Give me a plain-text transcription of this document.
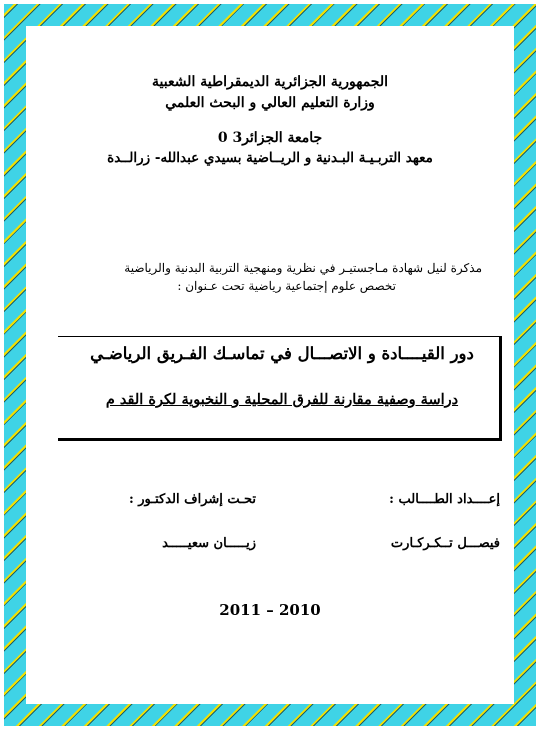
الجمهورية الجزائرية الديمقراطية الشعبية
وزارة التعليم العالي و البحث العلمي
جامعة الجزائر3 0
معهد التربـيـة البـدنية و الريــاضية بسيدي عبدالله- زرالــدة
مذكرة لنيل شهادة مـاجستيـر في نظرية ومنهجية التربية البدنية والرياضية
تخصص علوم إجتماعية رياضية تحت عـنوان :
دور القيــــادة و الاتصـــال في تماسـك الفـريق الرياضـي
دراسة وصفية مقارنة للفرق المحلية و النخبوية لكرة القد م
إعــــداد الطــــالب :
تحـت إشراف الدكتـور :
فيصـــل تــكـركـارت
زيـــــان سعيـــــد
2011 – 2010
